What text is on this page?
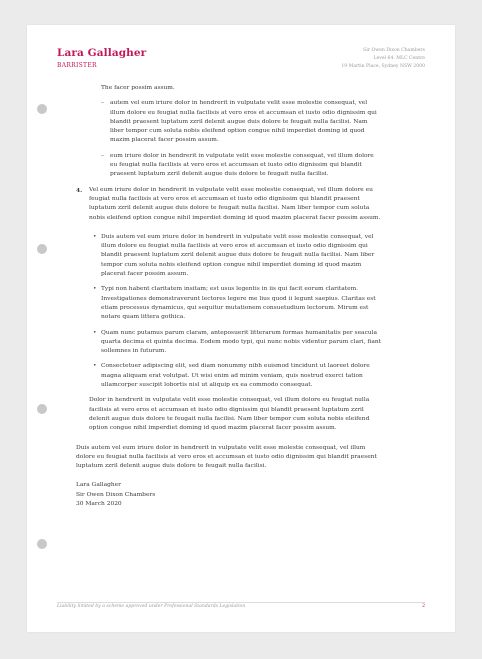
Lara Gallagher
BARRISTER
Sir Owen Dixon Chambers
Level 64, MLC Centre
19 Martin Place, Sydney NSW 2000
Liability limited by a scheme approved under Professional Standards Legislation	2

The facer possim assum.

– autem vel eum iriure dolor in hendrerit in vulputate velit esse molestie consequat, vel illum dolore eu feugiat nulla facilisis at vero eros et accumsan et iusto odio dignissim qui blandit praesent luptatum zzril delenit augue duis dolore te feugait nulla facilisi. Nam liber tempor cum soluta nobis eleifend option congue nihil imperdiet doming id quod mazim placerat facer possim assum.
– eum iriure dolor in hendrerit in vulputate velit esse molestie consequat, vel illum dolore eu feugiat nulla facilisis at vero eros et accumsan et iusto odio dignissim qui blandit praesent luptatum zzril delenit augue duis dolore te feugait nulla facilisi.
4. Vel eum iriure dolor in hendrerit in vulputate velit esse molestie consequat, vel illum dolore eu feugiat nulla facilisis at vero eros et accumsan et iusto odio dignissim qui blandit praesent luptatum zzril delenit augue duis dolore te feugait nulla facilisi. Nam liber tempor cum soluta nobis eleifend option congue nihil imperdiet doming id quod mazim placerat facer possim assum.
• Duis autem vel eum iriure dolor in hendrerit in vulputate velit esse molestie consequat, vel illum dolore eu feugiat nulla facilisis at vero eros et accumsan et iusto odio dignissim qui blandit praesent luptatum zzril delenit augue duis dolore te feugait nulla facilisi. Nam liber tempor cum soluta nobis eleifend option congue nihil imperdiet doming id quod mazim placerat facer possim assum.
• Typi non habent claritatem insitam; est usus legentis in iis qui facit eorum claritatem. Investigationes demonstraverunt lectores legere me lius quod ii legunt saepius. Claritas est etiam processus dynamicus, qui sequitur mutationem consuetudium lectorum. Mirum est notare quam littera gothica.
• Quam nunc putamus parum claram, anteposuerit litterarum formas humanitatis per seacula quarta decima et quinta decima. Eodem modo typi, qui nunc nobis videntur parum clari, fiant sollemnes in futurum.
• Consectetuer adipiscing elit, sed diam nonummy nibh euismod tincidunt ut laoreet dolore magna aliquam erat volutpat. Ut wisi enim ad minim veniam, quis nostrud exerci tation ullamcorper suscipit lobortis nisl ut aliquip ex ea commodo consequat.

Dolor in hendrerit in vulputate velit esse molestie consequat, vel illum dolore eu feugiat nulla facilisis at vero eros et accumsan et iusto odio dignissim qui blandit praesent luptatum zzril delenit augue duis dolore te feugait nulla facilisi. Nam liber tempor cum soluta nobis eleifend option congue nihil imperdiet doming id quod mazim placerat facer possim assum.

Duis autem vel eum iriure dolor in hendrerit in vulputate velit esse molestie consequat, vel illum dolore eu feugiat nulla facilisis at vero eros et accumsan et iusto odio dignissim qui blandit praesent luptatum zzril delenit augue duis dolore te feugait nulla facilisi.

Lara Gallagher
Sir Owen Dixon Chambers
30 March 2020
